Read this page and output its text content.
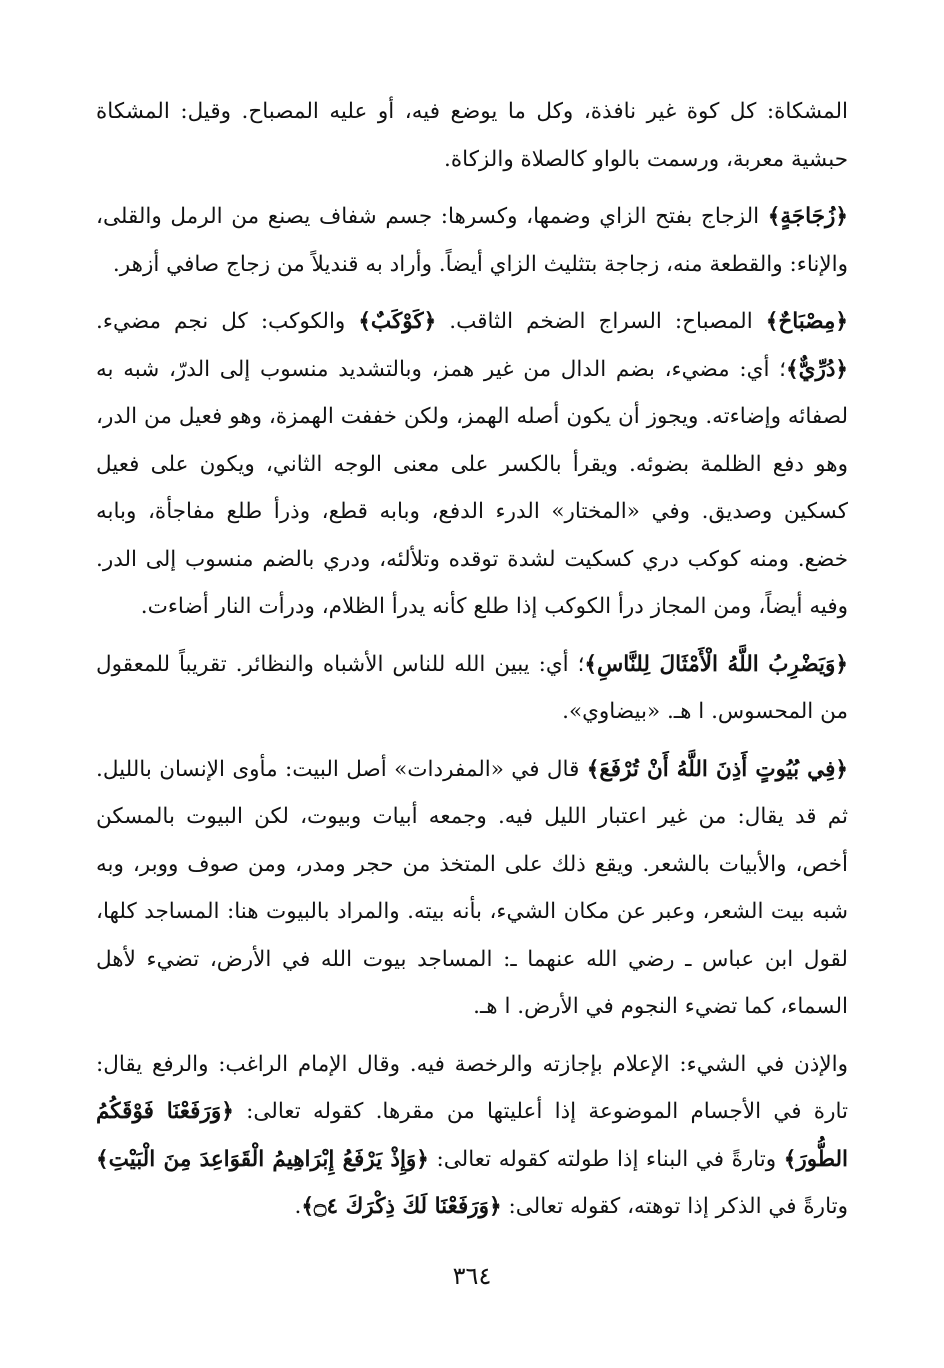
المشكاة: كل كوة غير نافذة، وكل ما يوضع فيه، أو عليه المصباح. وقيل: المشكاة حبشية معربة، ورسمت بالواو كالصلاة والزكاة.

﴿زُجَاجَةٍ﴾ الزجاج بفتح الزاي وضمها، وكسرها: جسم شفاف يصنع من الرمل والقلى، والإناء: والقطعة منه، زجاجة بتثليث الزاي أيضاً. وأراد به قنديلاً من زجاج صافي أزهر.

﴿مِصْبَاحٌ﴾ المصباح: السراج الضخم الثاقب. ﴿كَوْكَبٌ﴾ والكوكب: كل نجم مضيء. ﴿دُرِّيٌّ﴾؛ أي: مضيء، بضم الدال من غير همز، وبالتشديد منسوب إلى الدرّ، شبه به لصفائه وإضاءته. ويجوز أن يكون أصله الهمز، ولكن خففت الهمزة، وهو فعيل من الدر، وهو دفع الظلمة بضوئه. ويقرأ بالكسر على معنى الوجه الثاني، ويكون على فعيل كسكين وصديق. وفي «المختار» الدرء الدفع، وبابه قطع، وذرأ طلع مفاجأة، وبابه خضع. ومنه كوكب دري كسكيت لشدة توقده وتلألئه، ودري بالضم منسوب إلى الدر. وفيه أيضاً، ومن المجاز درأ الكوكب إذا طلع كأنه يدرأ الظلام، ودرأت النار أضاءت.

﴿وَيَضْرِبُ اللَّهُ الْأَمْثَالَ لِلنَّاسِ﴾؛ أي: يبين الله للناس الأشباه والنظائر. تقريباً للمعقول من المحسوس. ا هـ. «بيضاوي».

﴿فِي بُيُوتٍ أَذِنَ اللَّهُ أَنْ تُرْفَعَ﴾ قال في «المفردات» أصل البيت: مأوى الإنسان بالليل. ثم قد يقال: من غير اعتبار الليل فيه. وجمعه أبيات وبيوت، لكن البيوت بالمسكن أخص، والأبيات بالشعر. ويقع ذلك على المتخذ من حجر ومدر، ومن صوف ووبر، وبه شبه بيت الشعر، وعبر عن مكان الشيء، بأنه بيته. والمراد بالبيوت هنا: المساجد كلها، لقول ابن عباس ـ رضي الله عنهما ـ: المساجد بيوت الله في الأرض، تضيء لأهل السماء، كما تضيء النجوم في الأرض. ا هـ.

والإذن في الشيء: الإعلام بإجازته والرخصة فيه. وقال الإمام الراغب: والرفع يقال: تارة في الأجسام الموضوعة إذا أعليتها من مقرها. كقوله تعالى: ﴿وَرَفَعْنَا فَوْقَكُمُ الطُّورَ﴾ وتارةً في البناء إذا طولته كقوله تعالى: ﴿وَإِذْ يَرْفَعُ إِبْرَاهِيمُ الْقَوَاعِدَ مِنَ الْبَيْتِ﴾ وتارةً في الذكر إذا توهته، كقوله تعالى: ﴿وَرَفَعْنَا لَكَ ذِكْرَكَ ۝٤﴾.

٣٦٤
